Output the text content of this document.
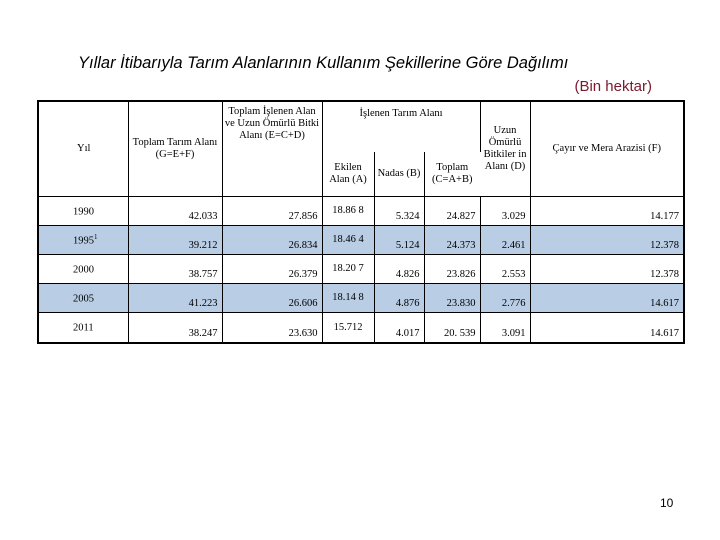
Yıllar İtibarıyla Tarım Alanlarının Kullanım Şekillerine Göre Dağılımı
(Bin hektar)
Yıl	Toplam Tarım Alanı (G=E+F)	Toplam İşlenen Alan ve Uzun Ömürlü Bitki Alanı (E=C+D)	İşlenen Tarım Alanı			Uzun Ömürlü Bitkiler in Alanı (D)	Çayır ve Mera Arazisi (F)
			Ekilen Alan (A)	Nadas (B)	Toplam (C=A+B)		
1990	42.033	27.856	18.86 8	5.324	24.827	3.029	14.177
1995$^1$	39.212	26.834	18.46 4	5.124	24.373	2.461	12.378
2000	38.757	26.379	18.20 7	4.826	23.826	2.553	12.378
2005	41.223	26.606	18.14 8	4.876	23.830	2.776	14.617
2011	38.247	23.630	15.712	4.017	20. 539	3.091	14.617
10
